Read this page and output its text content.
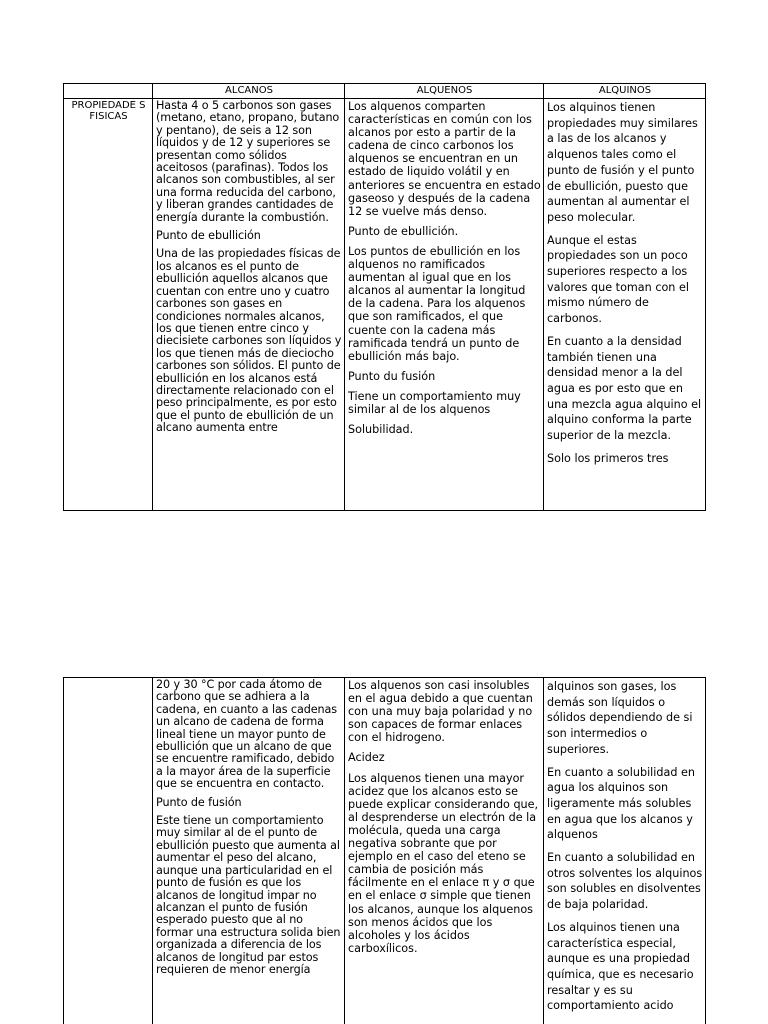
ALCANOS	ALQUENOS	ALQUINOS
PROPIEDADE S FISICAS

Hasta 4 o 5 carbonos son gases (metano, etano, propano, butano y pentano), de seis a 12 son líquidos y de 12 y superiores se presentan como sólidos aceitosos (parafinas). Todos los alcanos son combustibles, al ser una forma reducida del carbono, y liberan grandes cantidades de energía durante la combustión.

Punto de ebullición

Una de las propiedades físicas de los alcanos es el punto de ebullición aquellos alcanos que cuentan con entre uno y cuatro carbones son gases en condiciones normales alcanos, los que tienen entre cinco y diecisiete carbones son líquidos y los que tienen más de dieciocho carbones son sólidos. El punto de ebullición en los alcanos está directamente relacionado con el peso principalmente, es por esto que el punto de ebullición de un alcano aumenta entre

Los alquenos comparten características en común con los alcanos por esto a partir de la cadena de cinco carbonos los alquenos se encuentran en un estado de liquido volátil y en anteriores se encuentra en estado gaseoso y después de la cadena 12 se vuelve más denso.

Punto de ebullición.

Los puntos de ebullición en los alquenos no ramificados aumentan al igual que en los alcanos al aumentar la longitud de la cadena. Para los alquenos que son ramificados, el que cuente con la cadena más ramificada tendrá un punto de ebullición más bajo.

Punto du fusión

Tiene un comportamiento muy similar al de los alquenos

Solubilidad.

Los alquinos tienen propiedades muy similares a las de los alcanos y alquenos tales como el punto de fusión y el punto de ebullición, puesto que aumentan al aumentar el peso molecular.

Aunque el estas propiedades son un poco superiores respecto a los valores que toman con el mismo número de carbonos.

En cuanto a la densidad también tienen una densidad menor a la del agua es por esto que en una mezcla agua alquino el alquino conforma la parte superior de la mezcla.

Solo los primeros tres

20 y 30 °C por cada átomo de carbono que se adhiera a la cadena, en cuanto a las cadenas un alcano de cadena de forma lineal tiene un mayor punto de ebullición que un alcano de que se encuentre ramificado, debido a la mayor área de la superficie que se encuentra en contacto.

Punto de fusión

Este tiene un comportamiento muy similar al de el punto de ebullición puesto que aumenta al aumentar el peso del alcano, aunque una particularidad en el punto de fusión es que los alcanos de longitud impar no alcanzan el punto de fusión esperado puesto que al no formar una estructura solida bien organizada a diferencia de los alcanos de longitud par estos requieren de menor energía

Los alquenos son casi insolubles en el agua debido a que cuentan con una muy baja polaridad y no son capaces de formar enlaces con el hidrogeno.

Acidez

Los alquenos tienen una mayor acidez que los alcanos esto se puede explicar considerando que, al desprenderse un electrón de la molécula, queda una carga negativa sobrante que por ejemplo en el caso del eteno se cambia de posición más fácilmente en el enlace π y σ que en el enlace σ simple que tienen los alcanos, aunque los alquenos son menos ácidos que los alcoholes y los ácidos carboxílicos.

alquinos son gases, los demás son líquidos o sólidos dependiendo de si son intermedios o superiores.

En cuanto a solubilidad en agua los alquinos son ligeramente más solubles en agua que los alcanos y alquenos

En cuanto a solubilidad en otros solventes los alquinos son solubles en disolventes de baja polaridad.

Los alquinos tienen una característica especial, aunque es una propiedad química, que es necesario resaltar y es su comportamiento acido
